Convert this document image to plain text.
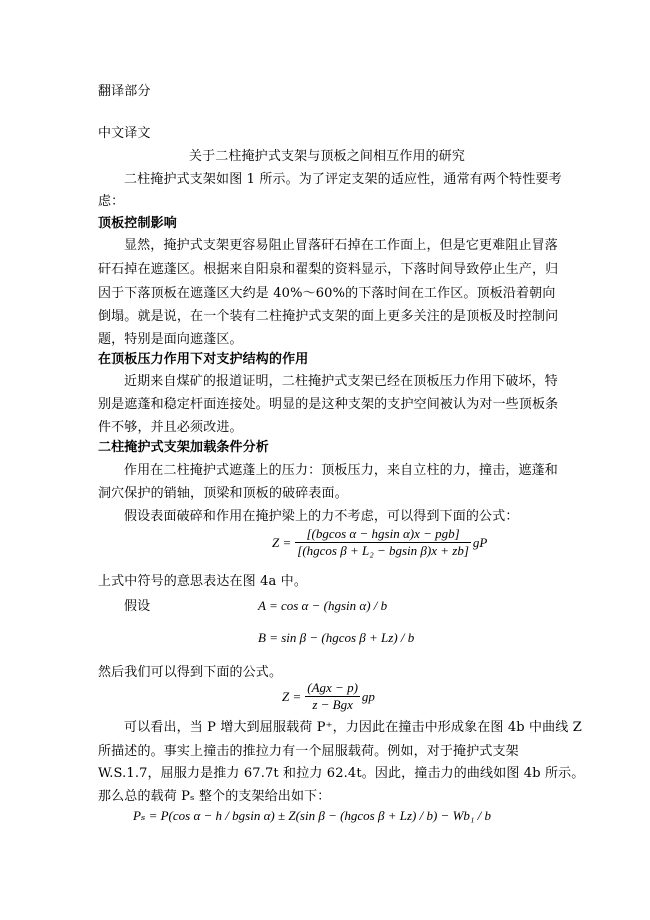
翻译部分
中文译文
关于二柱掩护式支架与顶板之间相互作用的研究
二柱掩护式支架如图 1 所示。为了评定支架的适应性，通常有两个特性要考
虑：
顶板控制影响
显然，掩护式支架更容易阻止冒落矸石掉在工作面上，但是它更难阻止冒落
矸石掉在遮蓬区。根据来自阳泉和翟梨的资料显示，下落时间导致停止生产，归
因于下落顶板在遮蓬区大约是 40%～60%的下落时间在工作区。顶板沿着朝向
倒塌。就是说，在一个装有二柱掩护式支架的面上更多关注的是顶板及时控制问
题，特别是面向遮蓬区。
在顶板压力作用下对支护结构的作用
近期来自煤矿的报道证明，二柱掩护式支架已经在顶板压力作用下破坏，特
别是遮蓬和稳定杆面连接处。明显的是这种支架的支护空间被认为对一些顶板条
件不够，并且必须改进。
二柱掩护式支架加载条件分析
作用在二柱掩护式遮蓬上的压力：顶板压力，来自立柱的力，撞击，遮蓬和
洞穴保护的销轴，顶梁和顶板的破碎表面。
假设表面破碎和作用在掩护梁上的力不考虑，可以得到下面的公式：
$Z = \frac{\text{[(bgcos α − hgsin α)x − pgb]}}{\text{[(hgcos β + L₂ − bgsin β)x + zb]}}$ gP
上式中符号的意思表达在图 4a 中。
假设	A = cos α − (hgsin α) / b
B = sin β − (hgcos β + Lz) / b
然后我们可以得到下面的公式。
$Z = \frac{\text{(Agx − p)}}{\text{z − Bgx}}$ gp
可以看出，当 P 增大到屈服载荷 P⁺，力因此在撞击中形成象在图 4b 中曲线 Z
所描述的。事实上撞击的推拉力有一个屈服载荷。例如，对于掩护式支架
W.S.1.7，屈服力是推力 67.7t 和拉力 62.4t。因此，撞击力的曲线如图 4b 所示。
那么总的载荷 Pₛ 整个的支架给出如下：
Pₛ = P(cos α − h / bgsin α) ± Z(sin β − (hgcos β + Lz) / b) − Wb₁ / b
